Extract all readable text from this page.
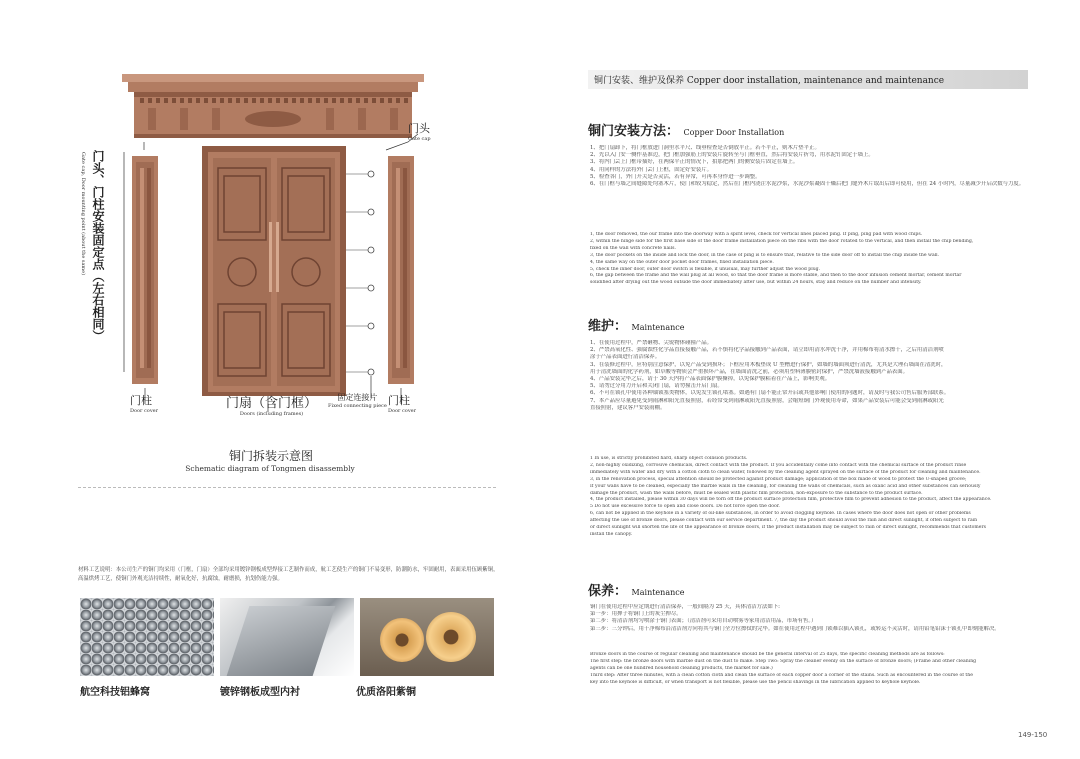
门头
Gate cap
门头、门柱安装固定点（左右相同）
Gate cap, Door mounting point (about the same)
门柱
Door cover	门扇（含门框）
Doors (including frames)
固定连接片
Fixed connecting piece 门柱
Door cover
铜门拆装示意图
Schematic diagram of Tongmen disassembly
材料工艺说明：本公司生产的铜门均采用（门框，门扇）全部均采用镀锌钢板成型焊接工艺制作而成，航工艺使生产的铜门不易变形，防潮防水，牢固耐用，表面采用伍顾紫铜，高温烘烤工艺，使铜门外观光洁持续性，耐氧化好，抗腐蚀，耐磨损，抗划伤能力强。
航空科技铝蜂窝	镀锌钢板成型内衬	优质洛阳紫铜
铜门安装、维护及保养 Copper door installation, maintenance and maintenance
铜门安装方法： Copper Door Installation
1、把门扇卸下，将门框放进门洞里水平尺、线垂检查是否倒放平正。若不平正，则木片垫平正。
2、先以入门安一侧作基准边，把门框加强筋上的安装片旋转至与门框垂直，然后将安装片折弯，用水泥钉固定于墙上。
3、将内门芸上门框带插好，在两保平正的情况下，拍那把两门的侧安装片固定在墙上。
4、用同样的方法将外门芸门上框，固定好安装片。
5、检查各门，外门开关是否灵活，若有异常，可再本身作进一步调整。
6、在门框与墙之间缝隙处均塞木片，使门和较为稳定，然后在门框内浇注水泥沙浆，水泥沙浆凝固干燥后把门缝外木片取出后即可使用，但在 24 小时内，尽量减少开启次数与力度。
1, the door removed, the our frame into the doorway with a spirit level, check for vertical lines placed ping. If ping, ping pad with wood chips.
2, within the hinge side for the first base side of the door frame installation piece on the ribs with the door rotated to the vertical, and then install the chip bending,
fixed on the wall with concrete nails.
3, the door pockets on the inside and lock the door, in the case of ping is to ensure that, relative to the side door off to install the chip inside the wall.
4, the same way on the outer door pocket door frames, fixed installation piece.
5, check the inner door, outer door switch is flexible, if unusual, may further adjust the wood plug.
6, the gap between the frame and the wall plug at all wood, so that the door frame is more stable, and then to the door infusion cement mortar, cement mortar
solidified after drying out the wood outside the door immediately after use, but within 24 hours, stay and reduce on the number and intensity.
维护： Maintenance
1、在使用过程中，严禁砸物、尖锐物体碰撞产品。
2、严禁高氧化性、强腐蚀性化学品直接接触产品，若不慎将化学品接触到产品表面，请立即用清水冲洗干净，并用棉布将清水擦干，之后用清洁剂喷
涂于产品表面进行清洁保养。
3、在装修过程中，应特别注意保护，以免产品受到损坏；下框应用木板垫成 U 型槽进行保护，如墙的墙面须进行清洗，尤其是大理石墙面在清洗时，
用于清洗墙面的化学药剂，如草酸等物质会严重损坏产品，在墙面清洗之前，必须用塑料薄膜密封保护，严禁洗墙液接触到产品表面。
4、产品安装完毕之后，请于 30 天内将产品表面保护膜撕掉，以免保护膜粘着在产品上，影响美观。
5、请勿过分用力开启和关闭门扇，请勿撞击开启门扇。
6、不可在锁孔中使用各种铀锁塞类物体，以免发生锁孔堵塞。如遇有门扇不能正常开启或其他影响门使用的问题时，请及时与我公司售后服务部联系。
7、本产品应尽量避免受到雨淋和阳光直接照射，若经常受到雨淋或阳光直接照射，会缩短铜门外观使用寿命，如果产品安装后可能会受到雨淋或阳光
直接照射，建议客户安装雨棚。
1 In use, is strictly prohibited hard, sharp object collision products.
2, non-highly oxidizing, corrosive chemicals, direct contact with the product. If you accidentally come into contact with the chemical surface of the product rinse
immediately with water and dry with a cotton cloth to clean water, followed by the cleaning agent sprayed on the surface of the product for cleaning and maintenance.
3, in the renovation process, special attention should be protected against product damage; application of the box made of wood to protect the U-shaped groove;
If your walls have to be cleaned, especially the marble walls in the cleaning, for cleaning the walls of chemicals, such as oxalic acid and other substances can seriously
damage the product, wash the walls before, must be sealed with plastic film protection, non-exposure to the substance to the product surface.
4, the product installed, please within 30 days will be torn off the product surface protection film, protective film to prevent adhesion to the product, affect the appearance.
5 Do not use excessive force to open and close doors. Do not force open the door.
6, can not be applied in the keyhole in a variety of oil-like substances, in order to avoid clogging keyhole. In cases where the door does not open or other problems
affecting the use of bronze doors, please contact with our service department. 7, the day the product should avoid the rain and direct sunlight, if often subject to rain
or direct sunlight will shorten the life of the appearance of bronze doors, if the product installation may be subject to rain or direct sunlight, recommends that customers
install the canopy.
保养： Maintenance
铜门在使用过程中应定期进行清洁保养，一般间隔为 25 天，具体清洁方法如下:
第一步：用掸子将铜门上的灰尘掸尽。
第二步：将清洁剂均匀喷涂于铜门表面；（清洁剂可采用自动喷雾等家用清洁用品，市场有售。）
第三步：三分钟后，用干净棉布沿清洁剂方向将其与铜门全方位擦拭的完毕。如在使用过程中遇到门锁难以插入锁孔，或转运不灵活时，请用铅笔铅沫于锁孔中即刻能解决。
Bronze doors in the course of regular cleaning and maintenance should be the general interval of 25 days, the specific cleaning methods are as follows:
The first step: the bronze doors with marble dust on the dust to make. Step Two: Spray the cleaner evenly on the surface of bronze doors; (Frame and other cleaning
agents can be one hundred household cleaning products, the market for sale.)
Third step: After three minutes, with a clean cotton cloth and clean the surface of each copper door a corner of the stains. Such as encountered in the course of the
key into the keyhole is difficult, or when transport is not flexible, please use the pencil shavings in the lubrication applied to keyhole keyhole.
149-150
